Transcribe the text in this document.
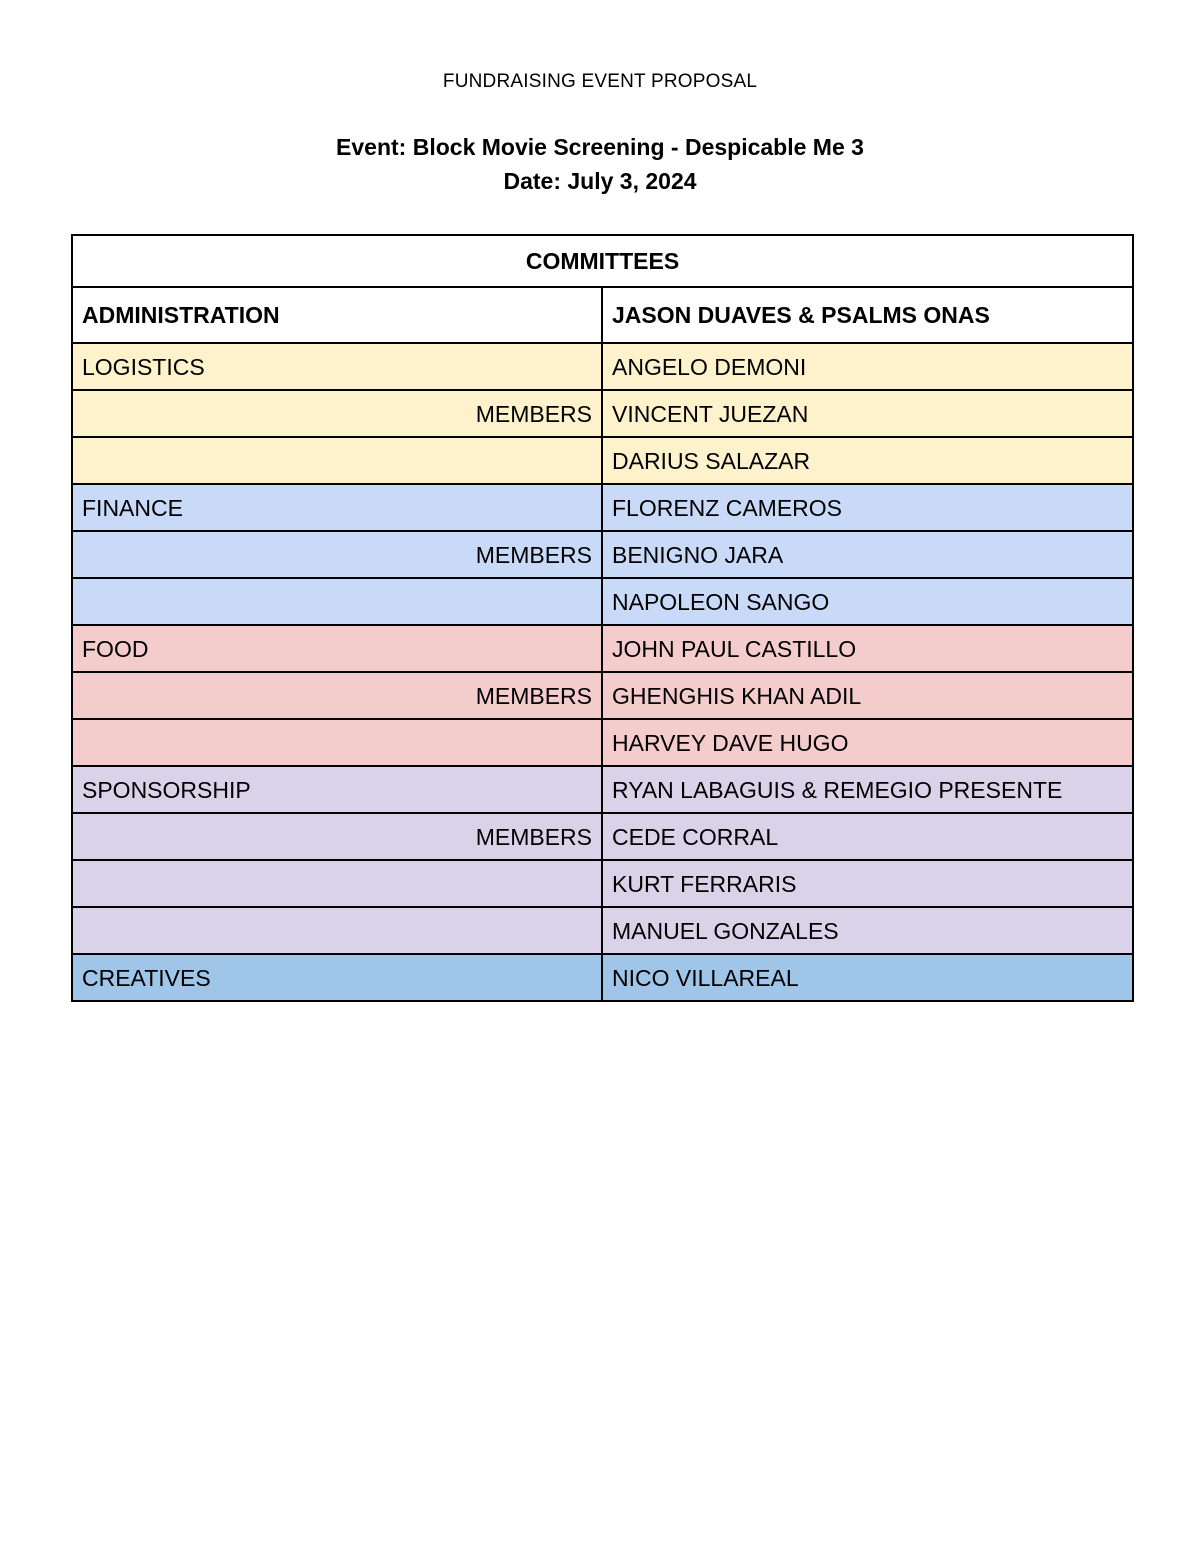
FUNDRAISING EVENT PROPOSAL

Event: Block Movie Screening - Despicable Me 3

Date: July 3, 2024

COMMITTEES	
ADMINISTRATION	JASON DUAVES & PSALMS ONAS
LOGISTICS	ANGELO DEMONI
MEMBERS	VINCENT JUEZAN
	DARIUS SALAZAR
FINANCE	FLORENZ CAMEROS
MEMBERS	BENIGNO JARA
	NAPOLEON SANGO
FOOD	JOHN PAUL CASTILLO
MEMBERS	GHENGHIS KHAN ADIL
	HARVEY DAVE HUGO
SPONSORSHIP	RYAN LABAGUIS & REMEGIO PRESENTE
MEMBERS	CEDE CORRAL
	KURT FERRARIS
	MANUEL GONZALES
CREATIVES	NICO VILLAREAL
